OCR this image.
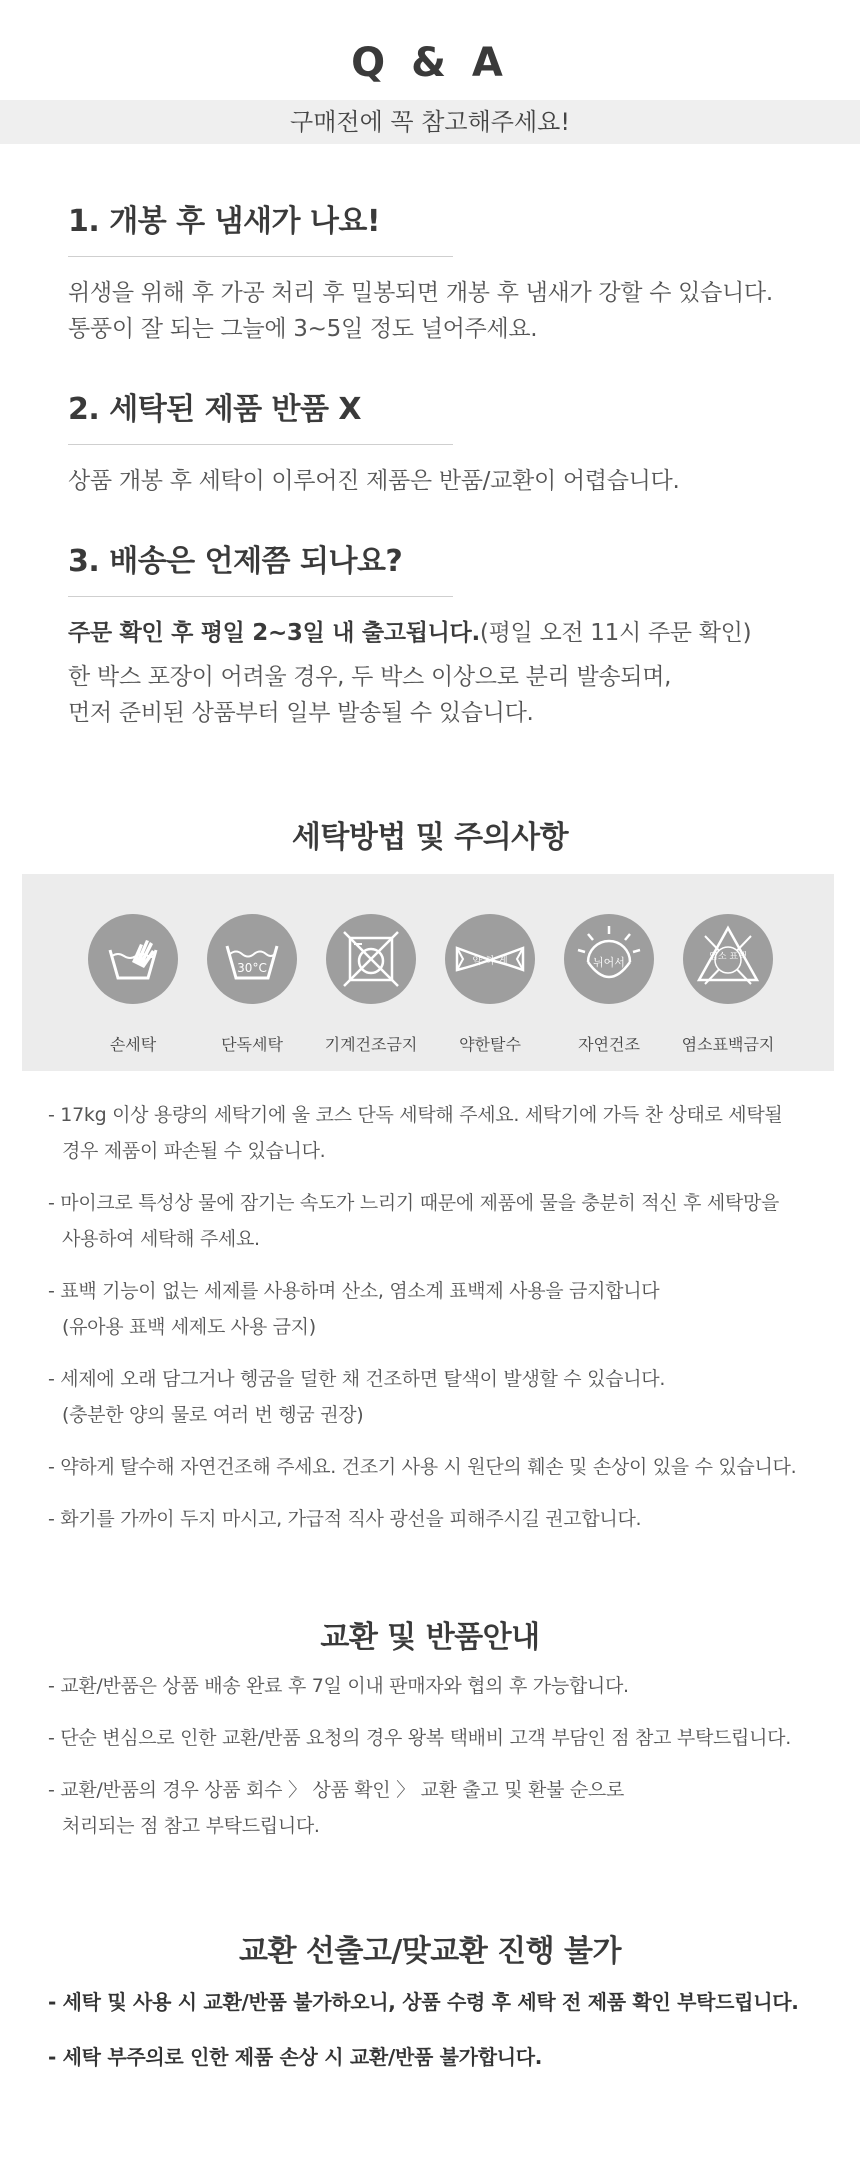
Q & A
구매전에 꼭 참고해주세요!
1. 개봉 후 냄새가 나요!
위생을 위해 후 가공 처리 후 밀봉되면 개봉 후 냄새가 강할 수 있습니다.
통풍이 잘 되는 그늘에 3~5일 정도 널어주세요.
2. 세탁된 제품 반품 X
상품 개봉 후 세탁이 이루어진 제품은 반품/교환이 어렵습니다.
3. 배송은 언제쯤 되나요?
주문 확인 후 평일 2~3일 내 출고됩니다.(평일 오전 11시 주문 확인)
한 박스 포장이 어려울 경우, 두 박스 이상으로 분리 발송되며,
먼저 준비된 상품부터 일부 발송될 수 있습니다.
세탁방법 및 주의사항
손세탁
30°C
단독세탁	기계건조금지
약 하 게
약한탈수
뉘어서
자연건조
염소 표백
염소표백금지
- 17kg 이상 용량의 세탁기에 울 코스 단독 세탁해 주세요. 세탁기에 가득 찬 상태로 세탁될
경우 제품이 파손될 수 있습니다.
- 마이크로 특성상 물에 잠기는 속도가 느리기 때문에 제품에 물을 충분히 적신 후 세탁망을
사용하여 세탁해 주세요.
- 표백 기능이 없는 세제를 사용하며 산소, 염소계 표백제 사용을 금지합니다
(유아용 표백 세제도 사용 금지)
- 세제에 오래 담그거나 헹굼을 덜한 채 건조하면 탈색이 발생할 수 있습니다.
(충분한 양의 물로 여러 번 헹굼 권장)
- 약하게 탈수해 자연건조해 주세요. 건조기 사용 시 원단의 훼손 및 손상이 있을 수 있습니다.
- 화기를 가까이 두지 마시고, 가급적 직사 광선을 피해주시길 권고합니다.
교환 및 반품안내
- 교환/반품은 상품 배송 완료 후 7일 이내 판매자와 협의 후 가능합니다.
- 단순 변심으로 인한 교환/반품 요청의 경우 왕복 택배비 고객 부담인 점 참고 부탁드립니다.
- 교환/반품의 경우 상품 회수 〉 상품 확인 〉 교환 출고 및 환불 순으로
처리되는 점 참고 부탁드립니다.
교환 선출고/맞교환 진행 불가
- 세탁 및 사용 시 교환/반품 불가하오니, 상품 수령 후 세탁 전 제품 확인 부탁드립니다.
- 세탁 부주의로 인한 제품 손상 시 교환/반품 불가합니다.
